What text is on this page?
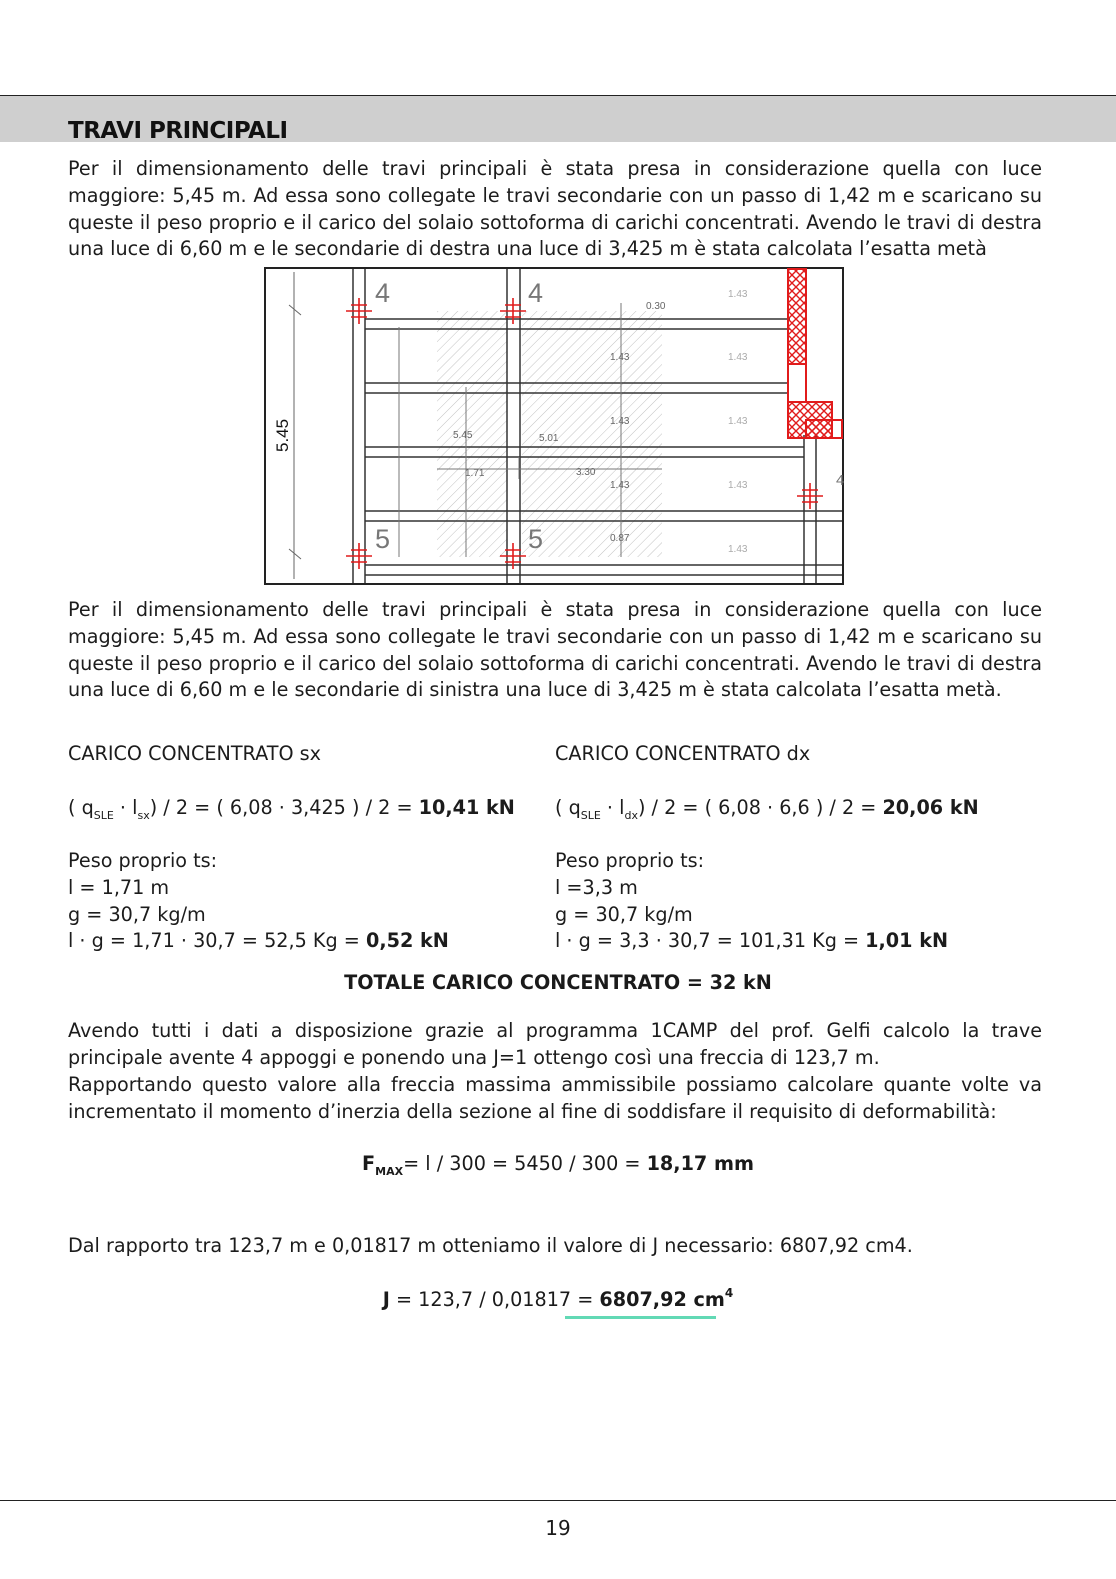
TRAVI PRINCIPALI

Per il dimensionamento delle travi principali è stata presa in considerazione quella con luce maggiore: 5,45 m. Ad essa sono collegate le travi secondarie con un passo di 1,42 m e scaricano su queste il peso proprio e il carico del solaio sottoforma di carichi concentrati. Avendo le travi di destra una luce di 6,60 m e le secondarie di destra una luce di 3,425 m è stata calcolata l’esatta metà

5.45
4	4
5	5
4
0.30
1.43
1.43
1.43
0.87
5.45	5.01
1.71	3.30
1.43
1.43
1.43
1.43
1.43

Per il dimensionamento delle travi principali è stata presa in considerazione quella con luce maggiore: 5,45 m. Ad essa sono collegate le travi secondarie con un passo di 1,42 m e scaricano su queste il peso proprio e il carico del solaio sottoforma di carichi concentrati. Avendo le travi di destra una luce di 6,60 m e le secondarie di sinistra una luce di 3,425 m è stata calcolata l’esatta metà.

CARICO CONCENTRATO sx
( $q_{SLE} \cdot l_{sx}) / 2$ = ( 6,08 · 3,425 ) / 2 = 10,41 kN
Peso proprio ts:
l = 1,71 m
g = 30,7 kg/m
l · g = 1,71 · 30,7 = 52,5 Kg = 0,52 kN
CARICO CONCENTRATO dx
( $q_{SLE} \cdot l_{dx}) / 2$ = ( 6,08 · 6,6 ) / 2 = 20,06 kN
Peso proprio ts:
l =3,3 m
g = 30,7 kg/m
l · g = 3,3 · 30,7 = 101,31 Kg = 1,01 kN
TOTALE CARICO CONCENTRATO = 32 kN

Avendo tutti i dati a disposizione grazie al programma 1CAMP del prof. Gelfi calcolo la trave principale avente 4 appoggi e ponendo una J=1 ottengo così una freccia di 123,7 m.

Rapportando questo valore alla freccia massima ammissibile possiamo calcolare quante volte va incrementato il momento d’inerzia della sezione al fine di soddisfare il requisito di deformabilità:

$F_{MAX}= l / 300 = 5450 / 300 = 18,17$ mm

Dal rapporto tra 123,7 m e 0,01817 m otteniamo il valore di J necessario: 6807,92 cm4.

J = 123,7 / 0,01817 = 6807,92 $cm^4$
19
